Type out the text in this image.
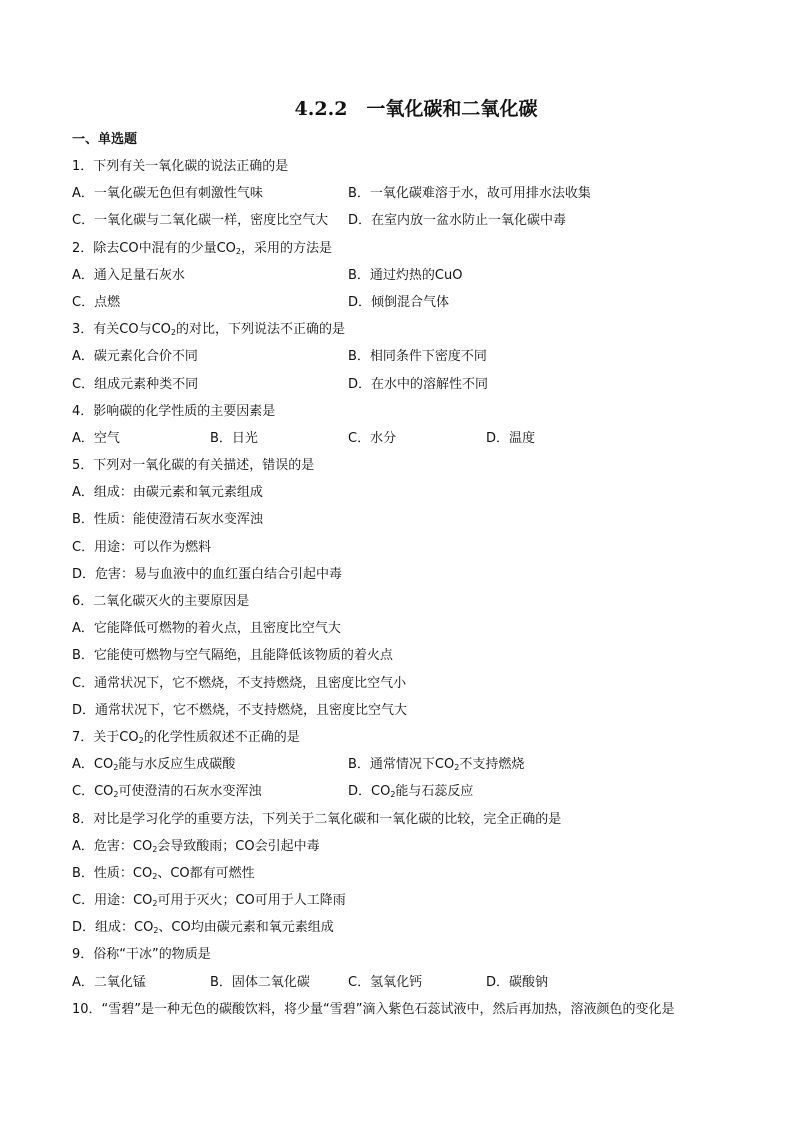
4.2.2　一氧化碳和二氧化碳
一、单选题
1．下列有关一氧化碳的说法正确的是
A．一氧化碳无色但有刺激性气味	B．一氧化碳难溶于水，故可用排水法收集
C．一氧化碳与二氧化碳一样，密度比空气大	D．在室内放一盆水防止一氧化碳中毒
2．除去CO中混有的少量$CO_2$，采用的方法是
A．通入足量石灰水	B．通过灼热的CuO
C．点燃	D．倾倒混合气体
3．有关CO与$CO_2$的对比，下列说法不正确的是
A．碳元素化合价不同	B．相同条件下密度不同
C．组成元素种类不同	D．在水中的溶解性不同
4．影响碳的化学性质的主要因素是
A．空气	B．日光	C．水分	D．温度
5．下列对一氧化碳的有关描述，错误的是
A．组成：由碳元素和氧元素组成
B．性质：能使澄清石灰水变浑浊
C．用途：可以作为燃料
D．危害：易与血液中的血红蛋白结合引起中毒
6．二氧化碳灭火的主要原因是
A．它能降低可燃物的着火点，且密度比空气大
B．它能使可燃物与空气隔绝，且能降低该物质的着火点
C．通常状况下，它不燃烧，不支持燃烧，且密度比空气小
D．通常状况下，它不燃烧，不支持燃烧，且密度比空气大
7．关于$CO_2$的化学性质叙述不正确的是
A．$CO_2$能与水反应生成碳酸	B．通常情况下$CO_2$不支持燃烧
C．$CO_2$可使澄清的石灰水变浑浊	D．$CO_2$能与石蕊反应
8．对比是学习化学的重要方法，下列关于二氧化碳和一氧化碳的比较，完全正确的是
A．危害：$CO_2$会导致酸雨；CO会引起中毒
B．性质：$CO_2$、CO都有可燃性
C．用途：$CO_2$可用于灭火；CO可用于人工降雨
D．组成：$CO_2$、CO均由碳元素和氧元素组成
9．俗称“干冰”的物质是
A．二氧化锰	B．固体二氧化碳	C．氢氧化钙	D．碳酸钠
10．“雪碧”是一种无色的碳酸饮料，将少量“雪碧”滴入紫色石蕊试液中，然后再加热，溶液颜色的变化是
